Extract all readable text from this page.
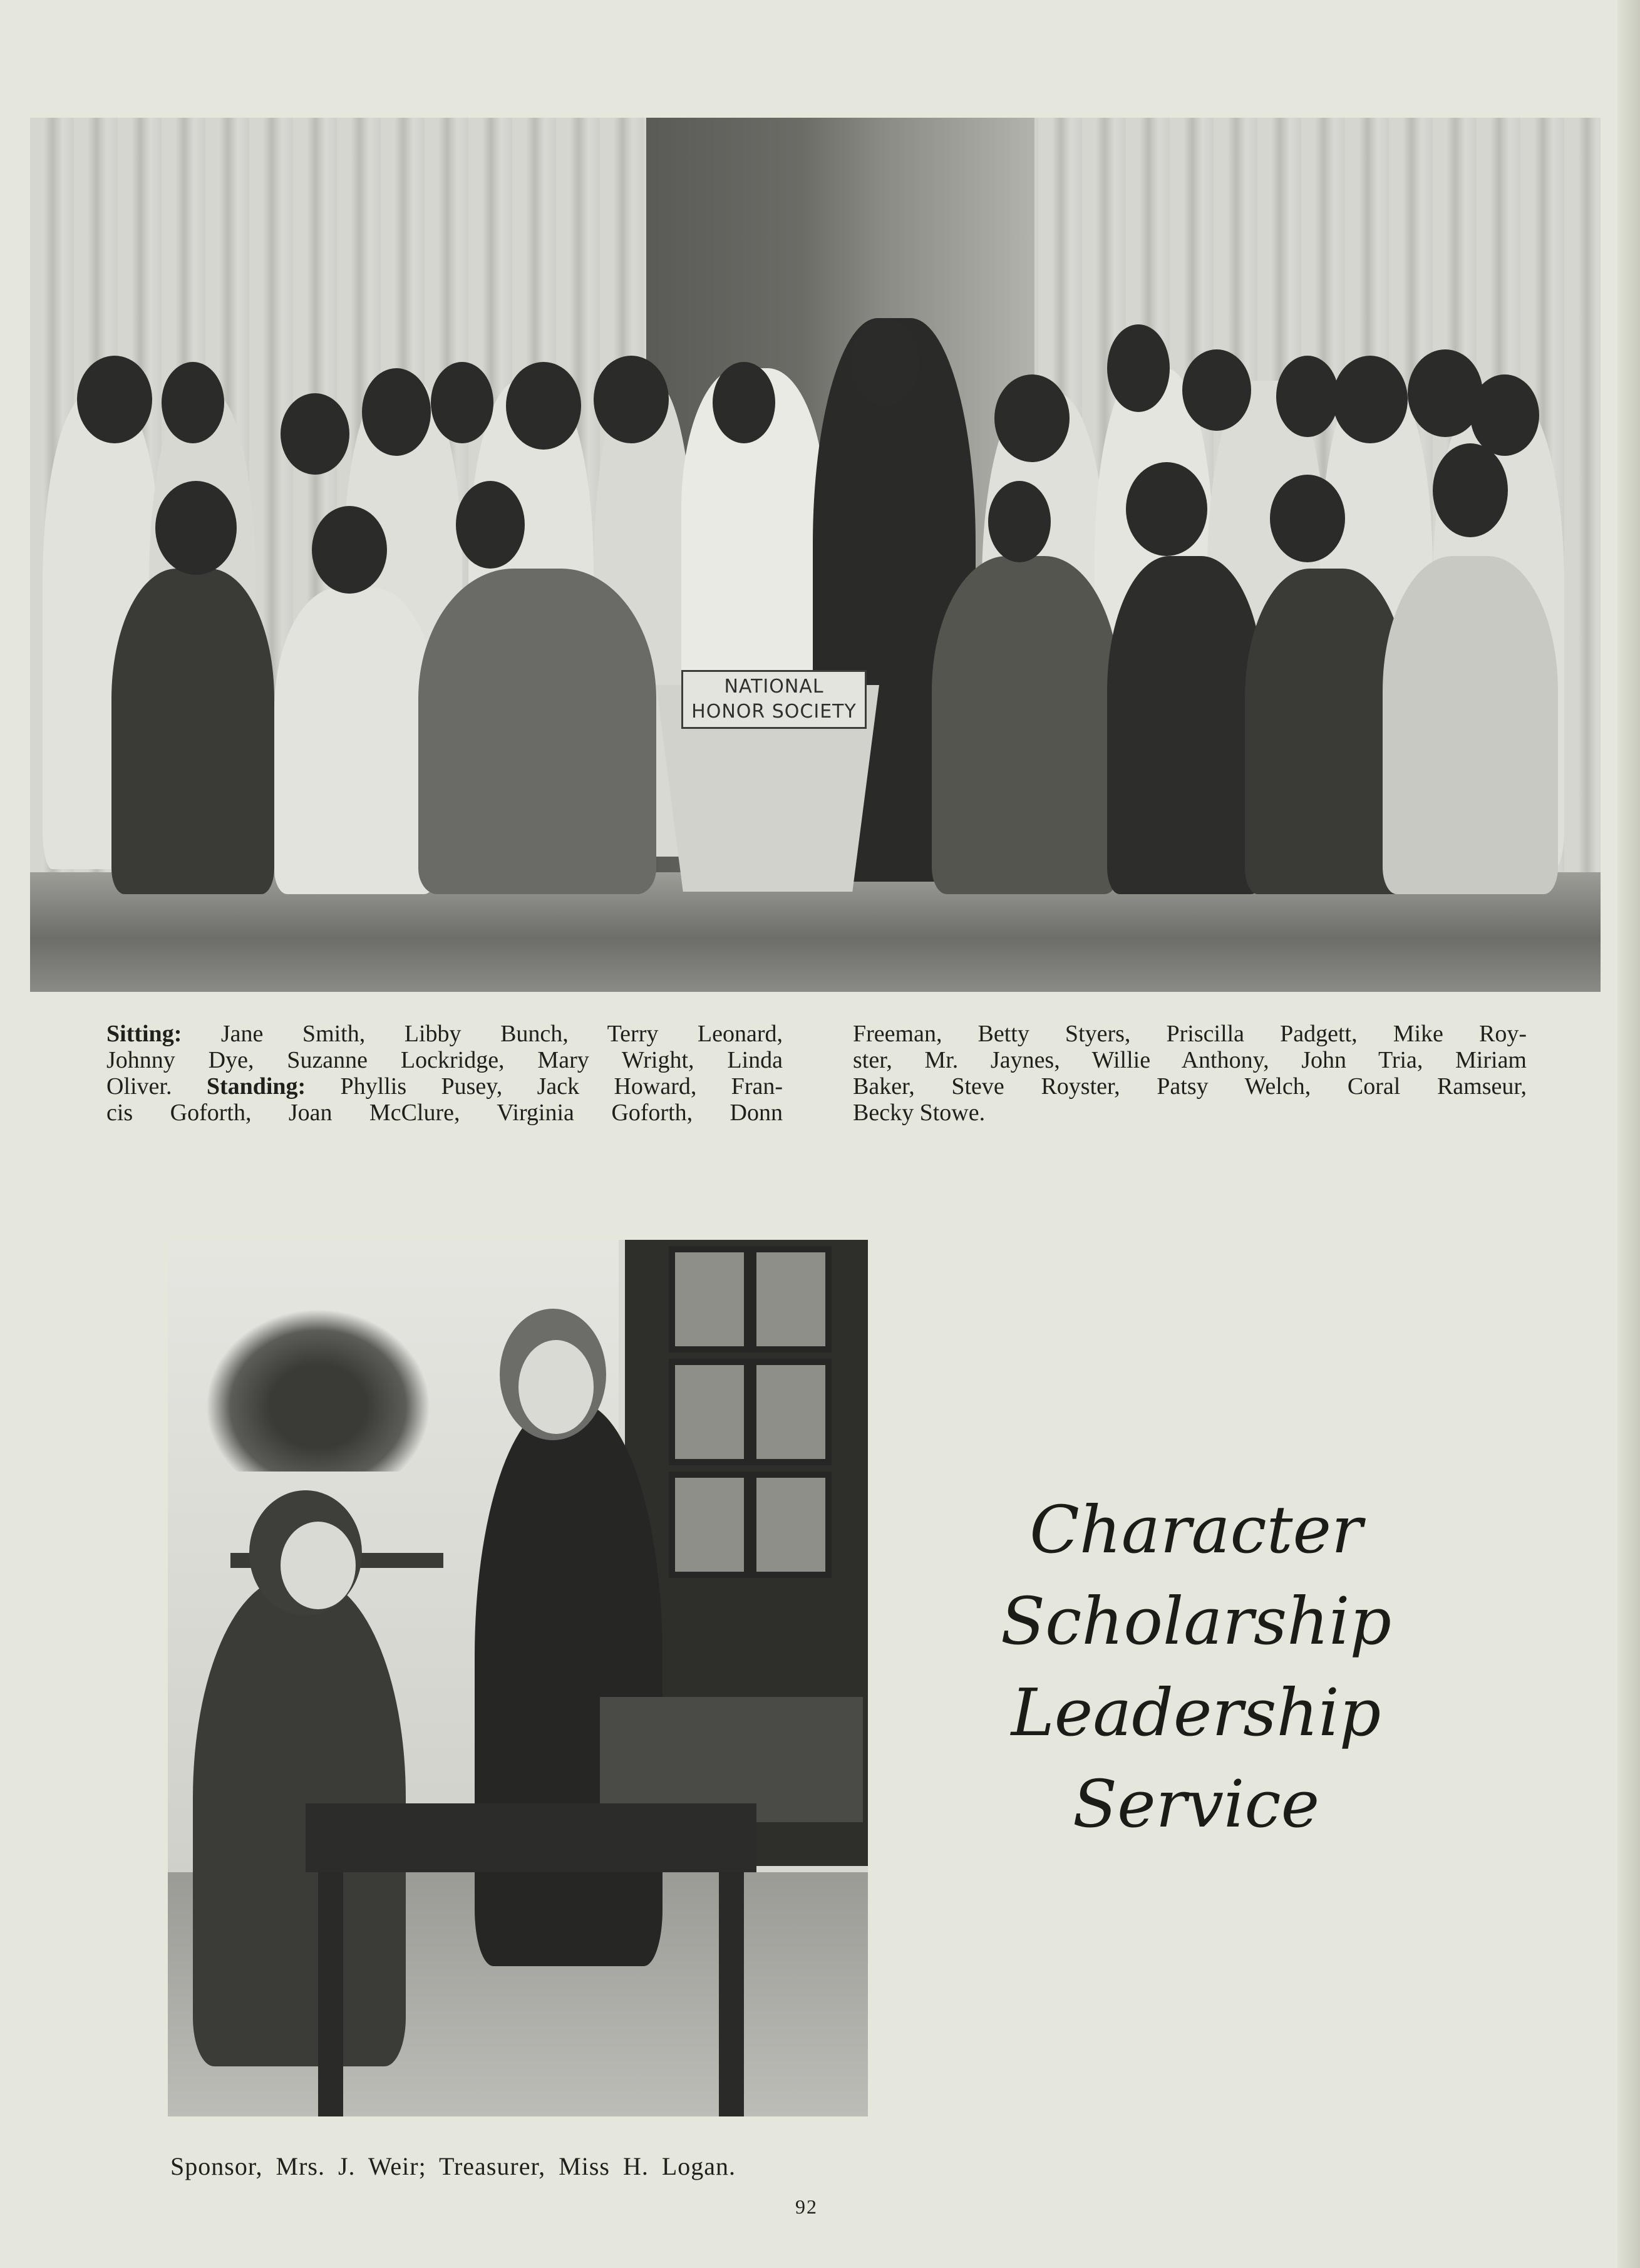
NATIONAL
HONOR SOCIETY
Sitting: Jane Smith, Libby Bunch, Terry Leonard,
Johnny Dye, Suzanne Lockridge, Mary Wright, Linda
Oliver. Standing: Phyllis Pusey, Jack Howard, Fran-
cis Goforth, Joan McClure, Virginia Goforth, Donn
Freeman, Betty Styers, Priscilla Padgett, Mike Roy-
ster, Mr. Jaynes, Willie Anthony, John Tria, Miriam
Baker, Steve Royster, Patsy Welch, Coral Ramseur,
Becky Stowe.
Character
Scholarship
Leadership
Service
Sponsor, Mrs. J. Weir; Treasurer, Miss H. Logan.
92
